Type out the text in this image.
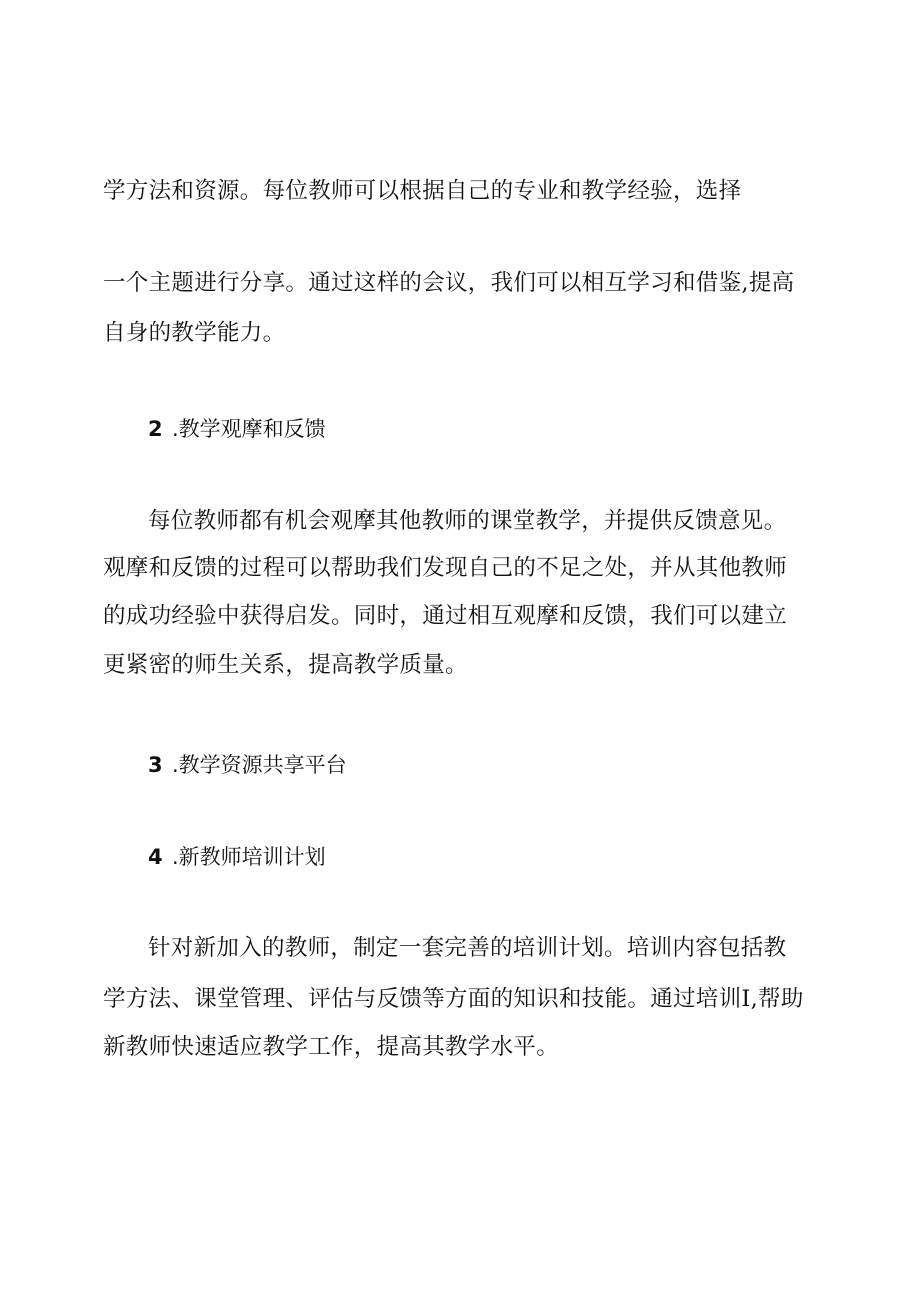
学方法和资源。每位教师可以根据自己的专业和教学经验，选择
一个主题进行分享。通过这样的会议，我们可以相互学习和借鉴,提高
自身的教学能力。
2 .教学观摩和反馈
每位教师都有机会观摩其他教师的课堂教学，并提供反馈意见。
观摩和反馈的过程可以帮助我们发现自己的不足之处，并从其他教师
的成功经验中获得启发。同时，通过相互观摩和反馈，我们可以建立
更紧密的师生关系，提高教学质量。
3 .教学资源共享平台
4 .新教师培训计划
针对新加入的教师，制定一套完善的培训计划。培训内容包括教
学方法、课堂管理、评估与反馈等方面的知识和技能。通过培训I,帮助
新教师快速适应教学工作，提高其教学水平。
